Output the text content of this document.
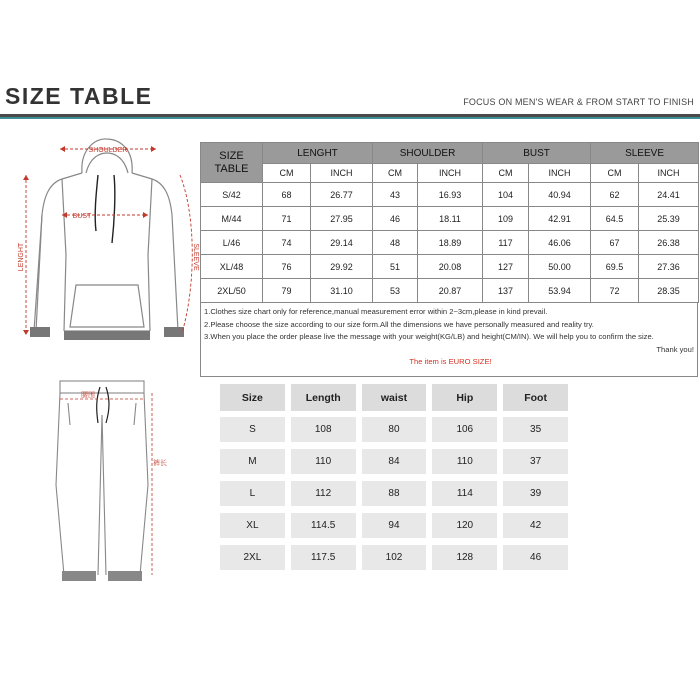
SIZE TABLE	FOCUS ON MEN'S WEAR & FROM START TO FINISH
SHOULDER
BUST
LENGHT	SLEEVE
SIZE
TABLE	LENGHT		SHOULDER		BUST		SLEEVE	
	CM	INCH	CM	INCH	CM	INCH	CM	INCH
S/42	68	26.77	43	16.93	104	40.94	62	24.41
M/44	71	27.95	46	18.11	109	42.91	64.5	25.39
L/46	74	29.14	48	18.89	117	46.06	67	26.38
XL/48	76	29.92	51	20.08	127	50.00	69.5	27.36
2XL/50	79	31.10	53	20.87	137	53.94	72	28.35
1.Clothes size chart only for reference,manual measurement error within 2~3cm,please in kind prevail.
2.Please choose the size according to our size form.All the dimensions we have personally measured and reality try.
3.When you place the order please live the message with your weight(KG/LB) and height(CM/IN). We will help you to confirm the size.
Thank you!
The item is EURO SIZE!
腰围
裤长
Size	Length	waist	Hip	Foot
S	108	80	106	35
M	110	84	110	37
L	112	88	114	39
XL	114.5	94	120	42
2XL	117.5	102	128	46
